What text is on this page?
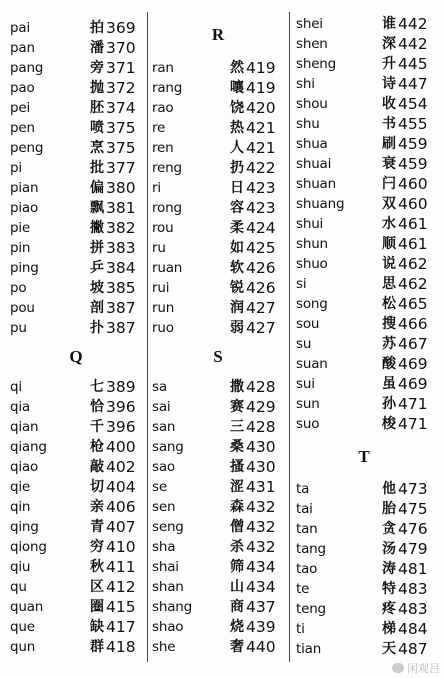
pai	拍 369
pan	潘 370
pang	旁 371
pao	抛 372
pei	胚 374
pen	喷 375
peng	烹 375
pi	批 377
pian	偏 380
piao	飘 381
pie	撇 382
pin	拼 383
ping	乒 384
po	坡 385
pou	剖 387
pu	扑 387
Q
qi	七 389
qia	恰 396
qian	千 396
qiang	枪 400
qiao	敲 402
qie	切 404
qin	亲 406
qing	青 407
qiong	穷 410
qiu	秋 411
qu	区 412
quan	圈 415
que	缺 417
qun	群 418
R
ran	然 419
rang	嚷 419
rao	饶 420
re	热 421
ren	人 421
reng	扔 422
ri	日 423
rong	容 423
rou	柔 424
ru	如 425
ruan	软 426
rui	锐 426
run	润 427
ruo	弱 427
S
sa	撒 428
sai	赛 429
san	三 428
sang	桑 430
sao	搔 430
se	涩 431
sen	森 432
seng	僧 432
sha	杀 432
shai	筛 434
shan	山 434
shang	商 437
shao	烧 439
she	奢 440
shei	谁 442
shen	深 442
sheng	升 445
shi	诗 447
shou	收 454
shu	书 455
shua	刷 459
shuai	衰 459
shuan	闩 460
shuang	双 460
shui	水 461
shun	顺 461
shuo	说 462
si	思 462
song	松 465
sou	搜 466
su	苏 467
suan	酸 469
sui	虽 469
sun	孙 471
suo	梭 471
T
ta	他 473
tai	胎 475
tan	贪 476
tang	汤 479
tao	涛 481
te	特 483
teng	疼 483
ti	梯 484
tian	天 487
闲观吕
